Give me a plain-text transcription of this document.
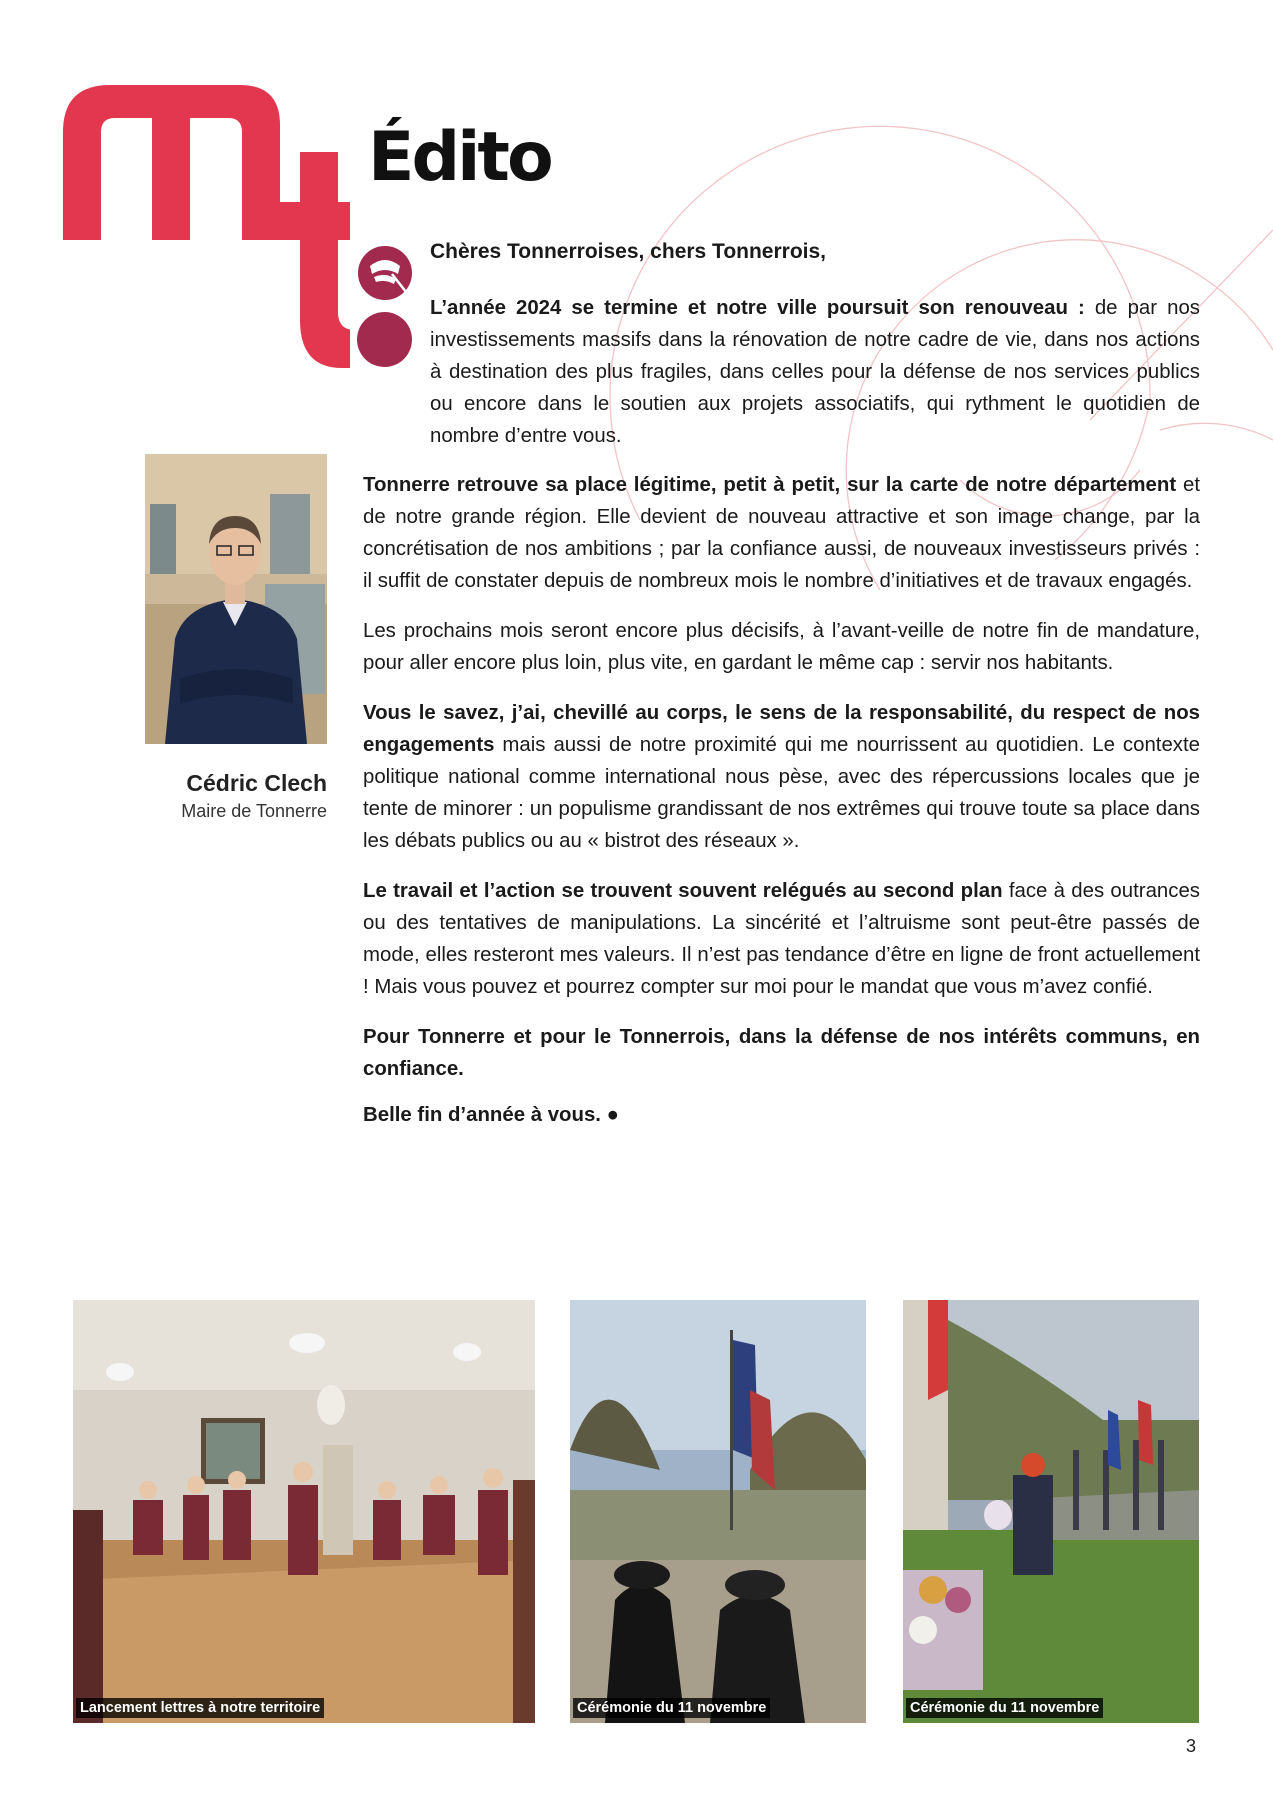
Édito

Chères Tonnerroises, chers Tonnerrois,

L’année 2024 se termine et notre ville poursuit son renouveau : de par nos investissements massifs dans la rénovation de notre cadre de vie, dans nos actions à destination des plus fragiles, dans celles pour la défense de nos services publics ou encore dans le soutien aux projets associatifs, qui rythment le quotidien de nombre d’entre vous.

Tonnerre retrouve sa place légitime, petit à petit, sur la carte de notre département et de notre grande région. Elle devient de nouveau attractive et son image change, par la concrétisation de nos ambitions ; par la confiance aussi, de nouveaux investisseurs privés : il suffit de constater depuis de nombreux mois le nombre d’initiatives et de travaux engagés.

Les prochains mois seront encore plus décisifs, à l’avant-veille de notre fin de mandature, pour aller encore plus loin, plus vite, en gardant le même cap : servir nos habitants.

Vous le savez, j’ai, chevillé au corps, le sens de la responsabilité, du respect de nos engagements mais aussi de notre proximité qui me nourrissent au quotidien. Le contexte politique national comme international nous pèse, avec des répercussions locales que je tente de minorer : un populisme grandissant de nos extrêmes qui trouve toute sa place dans les débats publics ou au « bistrot des réseaux ».

Le travail et l’action se trouvent souvent relégués au second plan face à des outrances ou des tentatives de manipulations. La sincérité et l’altruisme sont peut-être passés de mode, elles resteront mes valeurs. Il n’est pas tendance d’être en ligne de front actuellement ! Mais vous pouvez et pourrez compter sur moi pour le mandat que vous m’avez confié.

Pour Tonnerre et pour le Tonnerrois, dans la défense de nos intérêts communs, en confiance.

Belle fin d’année à vous. ●

Cédric Clech
Maire de Tonnerre
Lancement lettres à notre territoire	Cérémonie du 11 novembre	Cérémonie du 11 novembre
3
